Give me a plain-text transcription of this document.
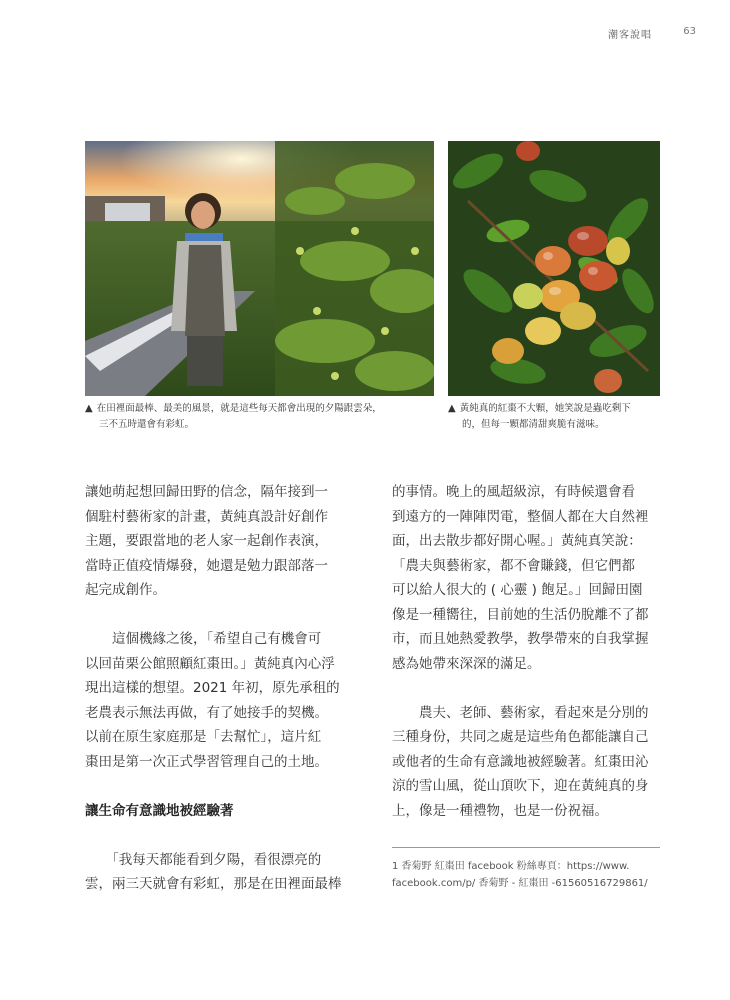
潮客說唱	63
▲ 在田裡面最棒、最美的風景，就是這些每天都會出現的夕陽跟雲朵，
三不五時還會有彩虹。
▲ 黃純真的紅棗不大顆，她笑說是蟲吃剩下
的，但每一顆都清甜爽脆有滋味。

讓她萌起想回歸田野的信念，隔年接到一

個駐村藝術家的計畫，黃純真設計好創作

主題，要跟當地的老人家一起創作表演，

當時正值疫情爆發，她還是勉力跟部落一

起完成創作。

　　這個機緣之後，「希望自己有機會可

以回苗栗公館照顧紅棗田。」黃純真內心浮

現出這樣的想望。2021 年初，原先承租的

老農表示無法再做，有了她接手的契機。

以前在原生家庭那是「去幫忙」，這片紅

棗田是第一次正式學習管理自己的土地。

讓生命有意識地被經驗著

　　「我每天都能看到夕陽，看很漂亮的

雲，兩三天就會有彩虹，那是在田裡面最棒

的事情。晚上的風超級涼，有時候還會看

到遠方的一陣陣閃電，整個人都在大自然裡

面，出去散步都好開心喔。」黃純真笑說：

「農夫與藝術家，都不會賺錢，但它們都

可以給人很大的 ( 心靈 ) 飽足。」回歸田園

像是一種嚮往，目前她的生活仍脫離不了都

市，而且她熱愛教學，教學帶來的自我掌握

感為她帶來深深的滿足。

　　農夫、老師、藝術家，看起來是分別的

三種身份，共同之處是這些角色都能讓自己

或他者的生命有意識地被經驗著。紅棗田沁

涼的雪山風，從山頂吹下，迎在黃純真的身

上，像是一種禮物，也是一份祝福。

1 香菊野 紅棗田 facebook 粉絲專頁：https://www.
facebook.com/p/ 香菊野 - 紅棗田 -61560516729861/
